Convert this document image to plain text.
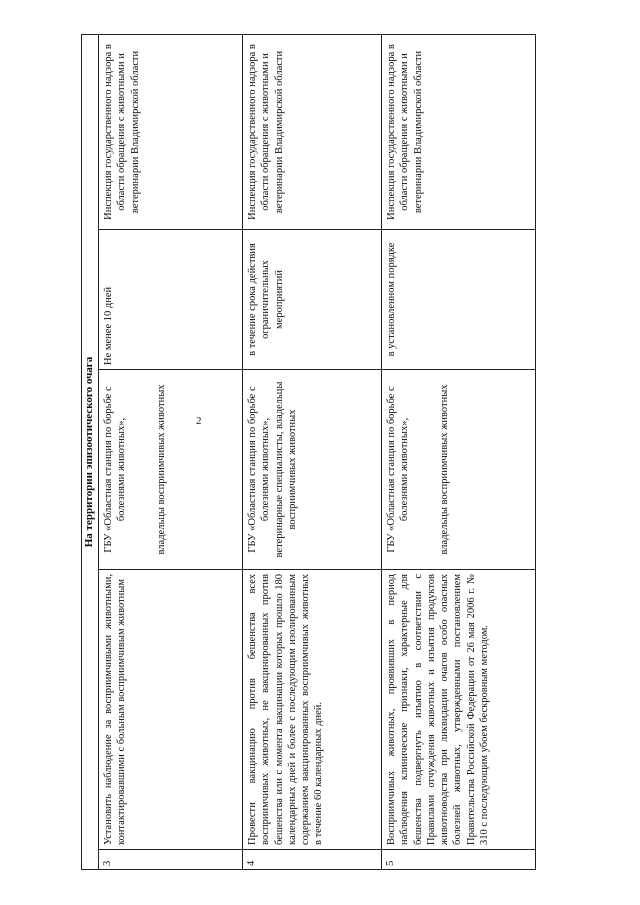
2
На территории эпизоотического очага				
3	Установить наблюдение за восприимчивыми животными, контактировавшими с больным восприимчивым животным	ГБУ «Областная станция по борьбе с болезнями животных», владельцы восприимчивых животных	Не менее 10 дней	Инспекция государственного надзора в области обращения с животными и ветеринарии Владимирской области
4	Провести вакцинацию против бешенства всех восприимчивых животных, не вакцинированных против бешенства или с момента вакцинации которых прошло 180 календарных дней и более с последующим изолированным содержанием вакцинированных восприимчивых животных в течение 60 календарных дней.	ГБУ «Областная станция по борьбе с болезнями животных», ветеринарные специалисты, владельцы восприимчивых животных	в течение срока действия ограничительных мероприятий	Инспекция государственного надзора в области обращения с животными и ветеринарии Владимирской области
5	Восприимчивых животных, проявивших в период наблюдения клинические признаки, характерные для бешенства подвергнуть изъятию в соответствии с Правилами отчуждения животных и изъятия продуктов животноводства при ликвидации очагов особо опасных болезней животных, утвержденными постановлением Правительства Российской Федерации от 26 мая 2006 г. № 310 с последующим убоем бескровным методом.	ГБУ «Областная станция по борьбе с болезнями животных», владельцы восприимчивых животных	в установленном порядке	Инспекция государственного надзора в области обращения с животными и ветеринарии Владимирской области
